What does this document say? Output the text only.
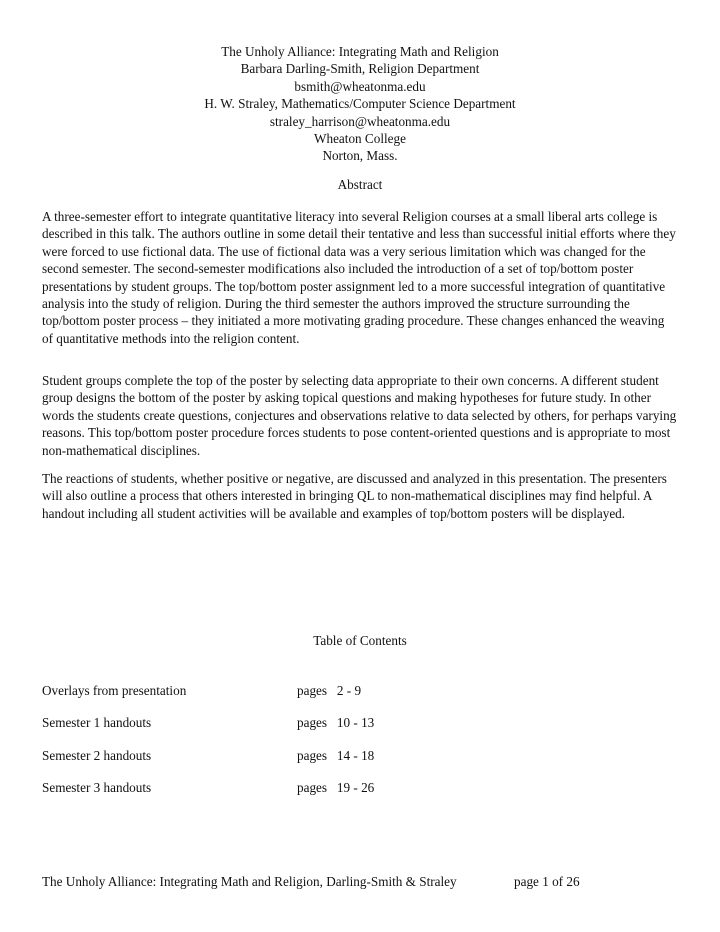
The Unholy Alliance: Integrating Math and Religion
Barbara Darling-Smith, Religion Department
bsmith@wheatonma.edu
H. W. Straley, Mathematics/Computer Science Department
straley_harrison@wheatonma.edu
Wheaton College
Norton, Mass.
Abstract

A three-semester effort to integrate quantitative literacy into several Religion courses at a small liberal arts college is described in this talk. The authors outline in some detail their tentative and less than successful initial efforts where they were forced to use fictional data. The use of fictional data was a very serious limitation which was changed for the second semester. The second-semester modifications also included the introduction of a set of top/bottom poster presentations by student groups. The top/bottom poster assignment led to a more successful integration of quantitative analysis into the study of religion. During the third semester the authors improved the structure surrounding the top/bottom poster process – they initiated a more motivating grading procedure. These changes enhanced the weaving of quantitative methods into the religion content.

Student groups complete the top of the poster by selecting data appropriate to their own concerns. A different student group designs the bottom of the poster by asking topical questions and making hypotheses for future study. In other words the students create questions, conjectures and observations relative to data selected by others, for perhaps varying reasons. This top/bottom poster procedure forces students to pose content-oriented questions and is appropriate to most non-mathematical disciplines.

The reactions of students, whether positive or negative, are discussed and analyzed in this presentation. The presenters will also outline a process that others interested in bringing QL to non-mathematical disciplines may find helpful. A handout including all student activities will be available and examples of top/bottom posters will be displayed.

Table of Contents
Overlays from presentation	pages   2 - 9
Semester 1 handouts	pages   10 - 13
Semester 2 handouts	pages   14 - 18
Semester 3 handouts	pages   19 - 26
The Unholy Alliance: Integrating Math and Religion, Darling-Smith & Straley	page 1 of 26
